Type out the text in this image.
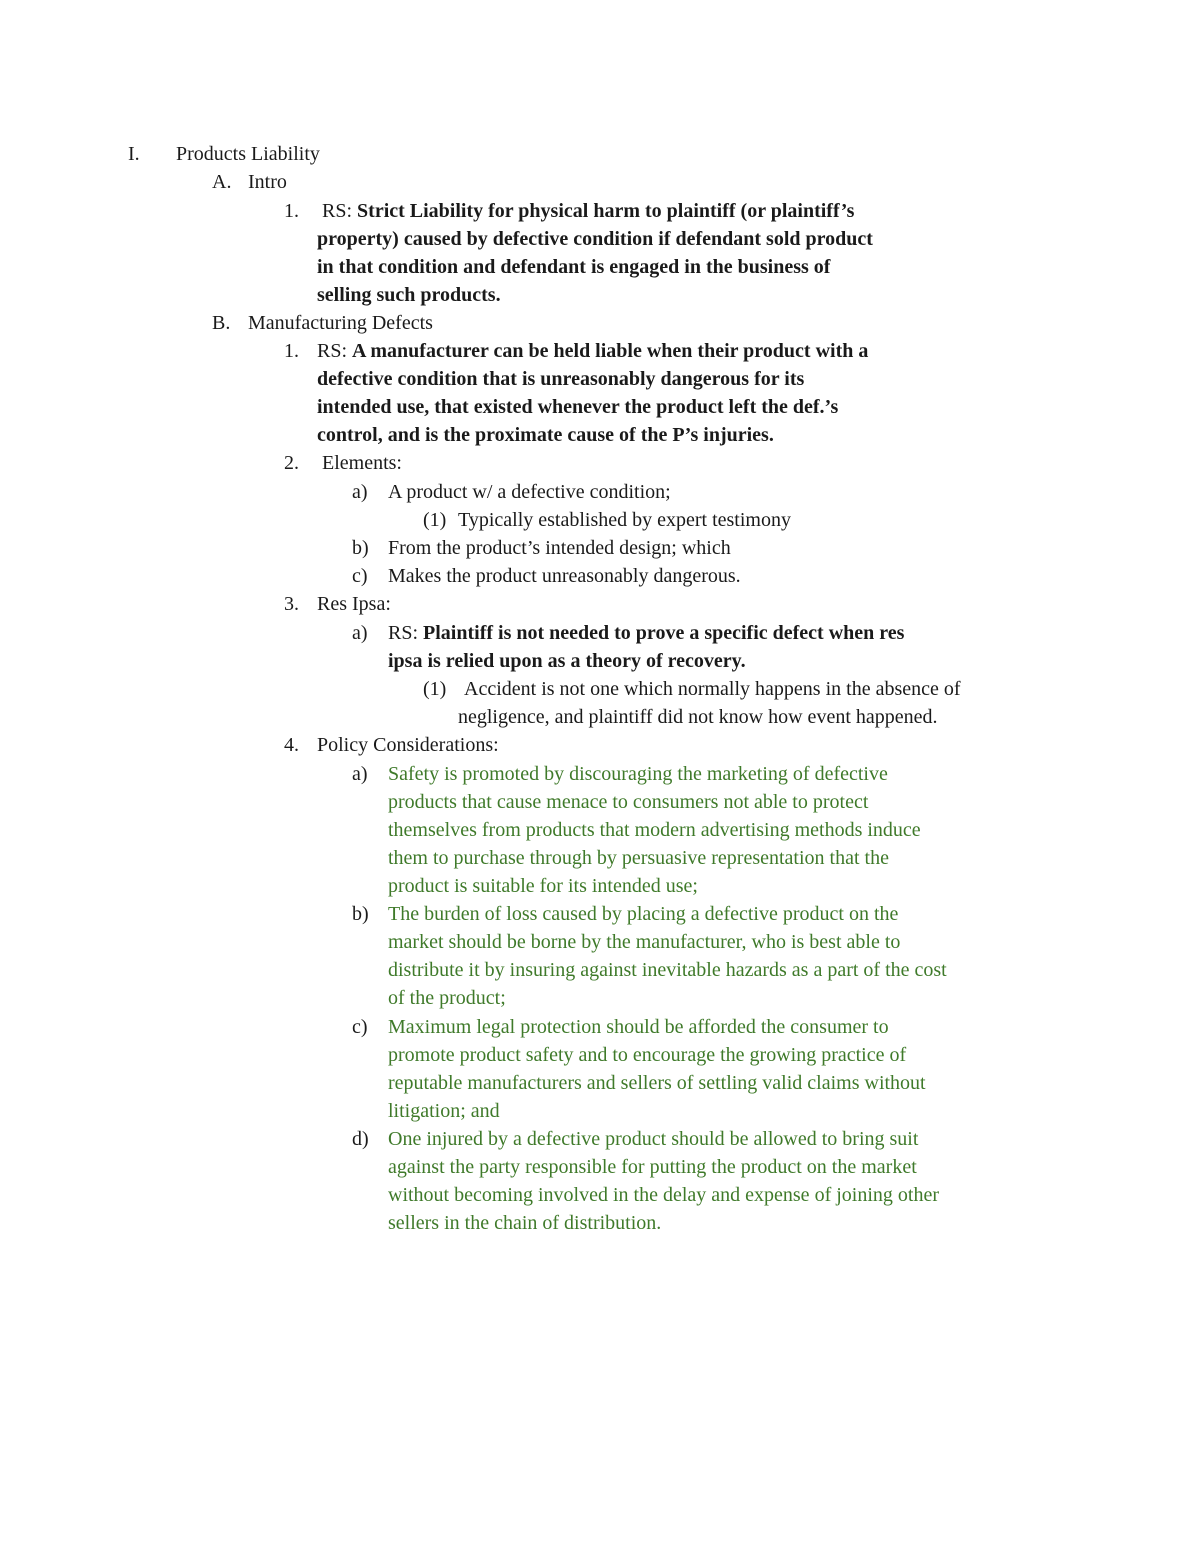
I. Products Liability
A. Intro
1. RS: Strict Liability for physical harm to plaintiff (or plaintiff’s
property) caused by defective condition if defendant sold product
in that condition and defendant is engaged in the business of
selling such products.
B. Manufacturing Defects
1. RS: A manufacturer can be held liable when their product with a
defective condition that is unreasonably dangerous for its
intended use, that existed whenever the product left the def.’s
control, and is the proximate cause of the P’s injuries.
2. Elements:
a) A product w/ a defective condition;
(1) Typically established by expert testimony
b) From the product’s intended design; which
c) Makes the product unreasonably dangerous.
3. Res Ipsa:
a) RS: Plaintiff is not needed to prove a specific defect when res
ipsa is relied upon as a theory of recovery.
(1) Accident is not one which normally happens in the absence of
negligence, and plaintiff did not know how event happened.
4. Policy Considerations:
a) Safety is promoted by discouraging the marketing of defective
products that cause menace to consumers not able to protect
themselves from products that modern advertising methods induce
them to purchase through by persuasive representation that the
product is suitable for its intended use;
b) The burden of loss caused by placing a defective product on the
market should be borne by the manufacturer, who is best able to
distribute it by insuring against inevitable hazards as a part of the cost
of the product;
c) Maximum legal protection should be afforded the consumer to
promote product safety and to encourage the growing practice of
reputable manufacturers and sellers of settling valid claims without
litigation; and
d) One injured by a defective product should be allowed to bring suit
against the party responsible for putting the product on the market
without becoming involved in the delay and expense of joining other
sellers in the chain of distribution.
